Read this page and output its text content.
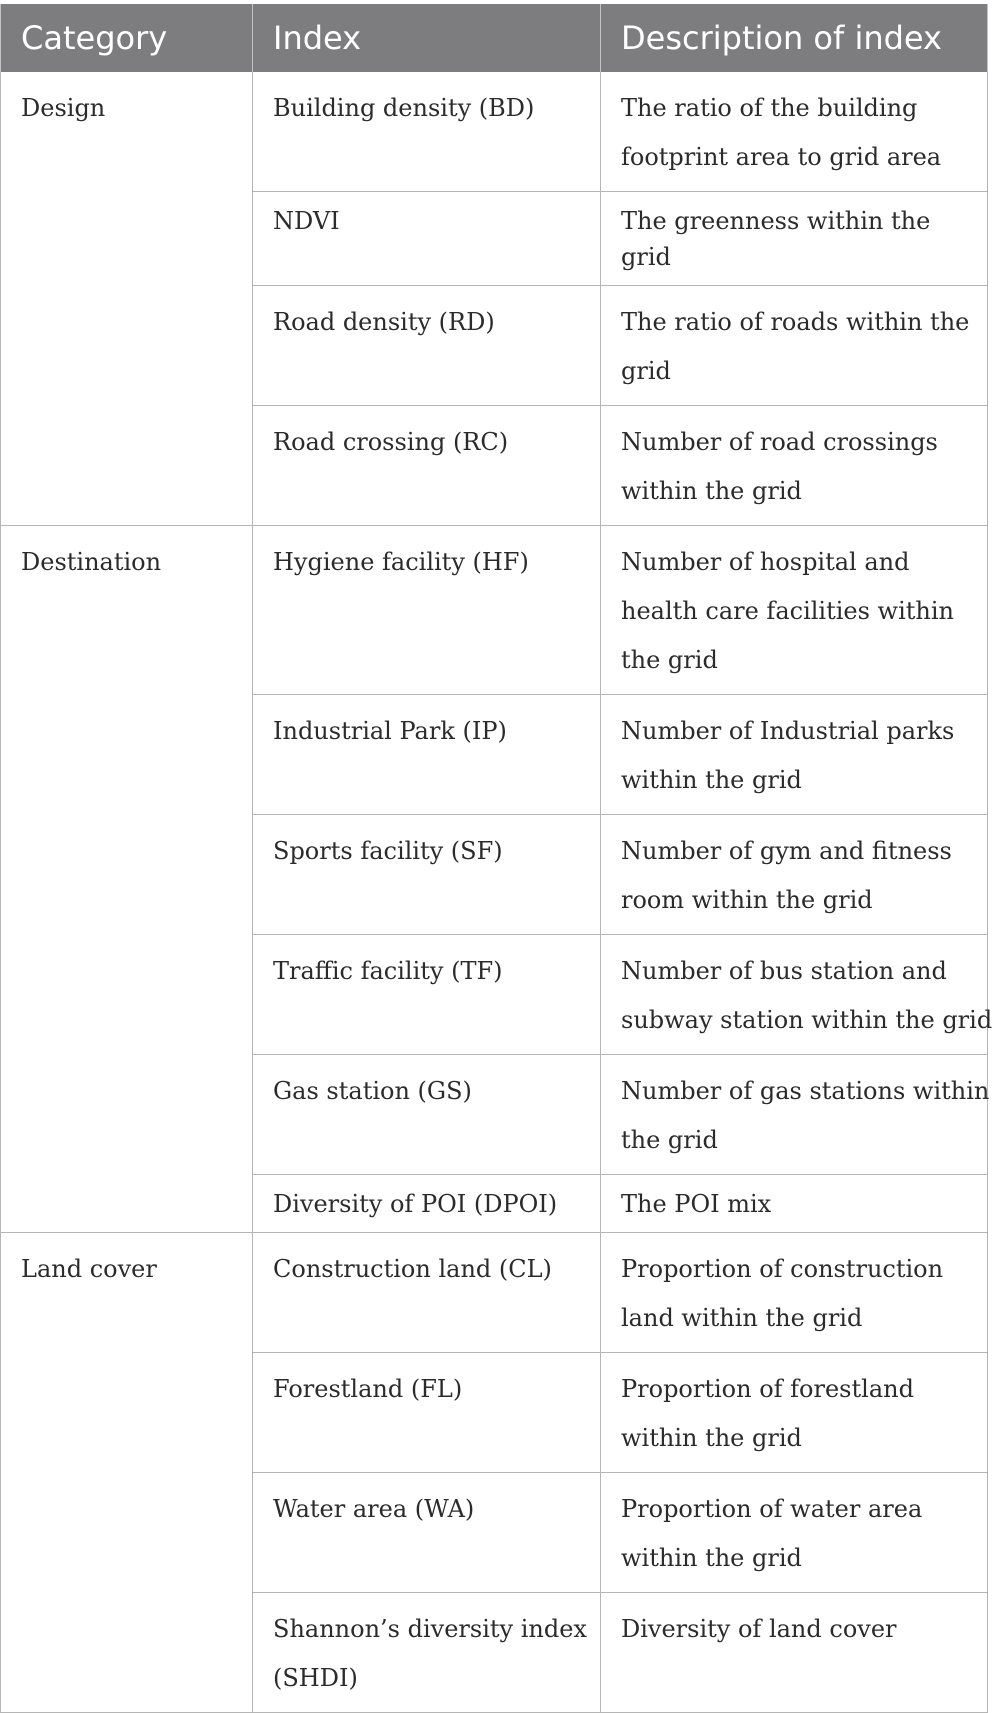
Category	Index	Description of index
Design	Building density (BD)	The ratio of the building
footprint area to grid area

	NDVI	The greenness within the grid
	Road density (RD)	The ratio of roads within the
grid

	Road crossing (RC)	Number of road crossings
within the grid

Destination	Hygiene facility (HF)	Number of hospital and
health care facilities within
the grid

	Industrial Park (IP)	Number of Industrial parks
within the grid

	Sports facility (SF)	Number of gym and fitness
room within the grid

	Traffic facility (TF)	Number of bus station and
subway station within the grid

	Gas station (GS)	Number of gas stations within
the grid

	Diversity of POI (DPOI)	The POI mix
Land cover	Construction land (CL)	Proportion of construction
land within the grid

	Forestland (FL)	Proportion of forestland
within the grid

	Water area (WA)	Proportion of water area
within the grid

	Shannon’s diversity index
(SHDI)	Diversity of land cover
